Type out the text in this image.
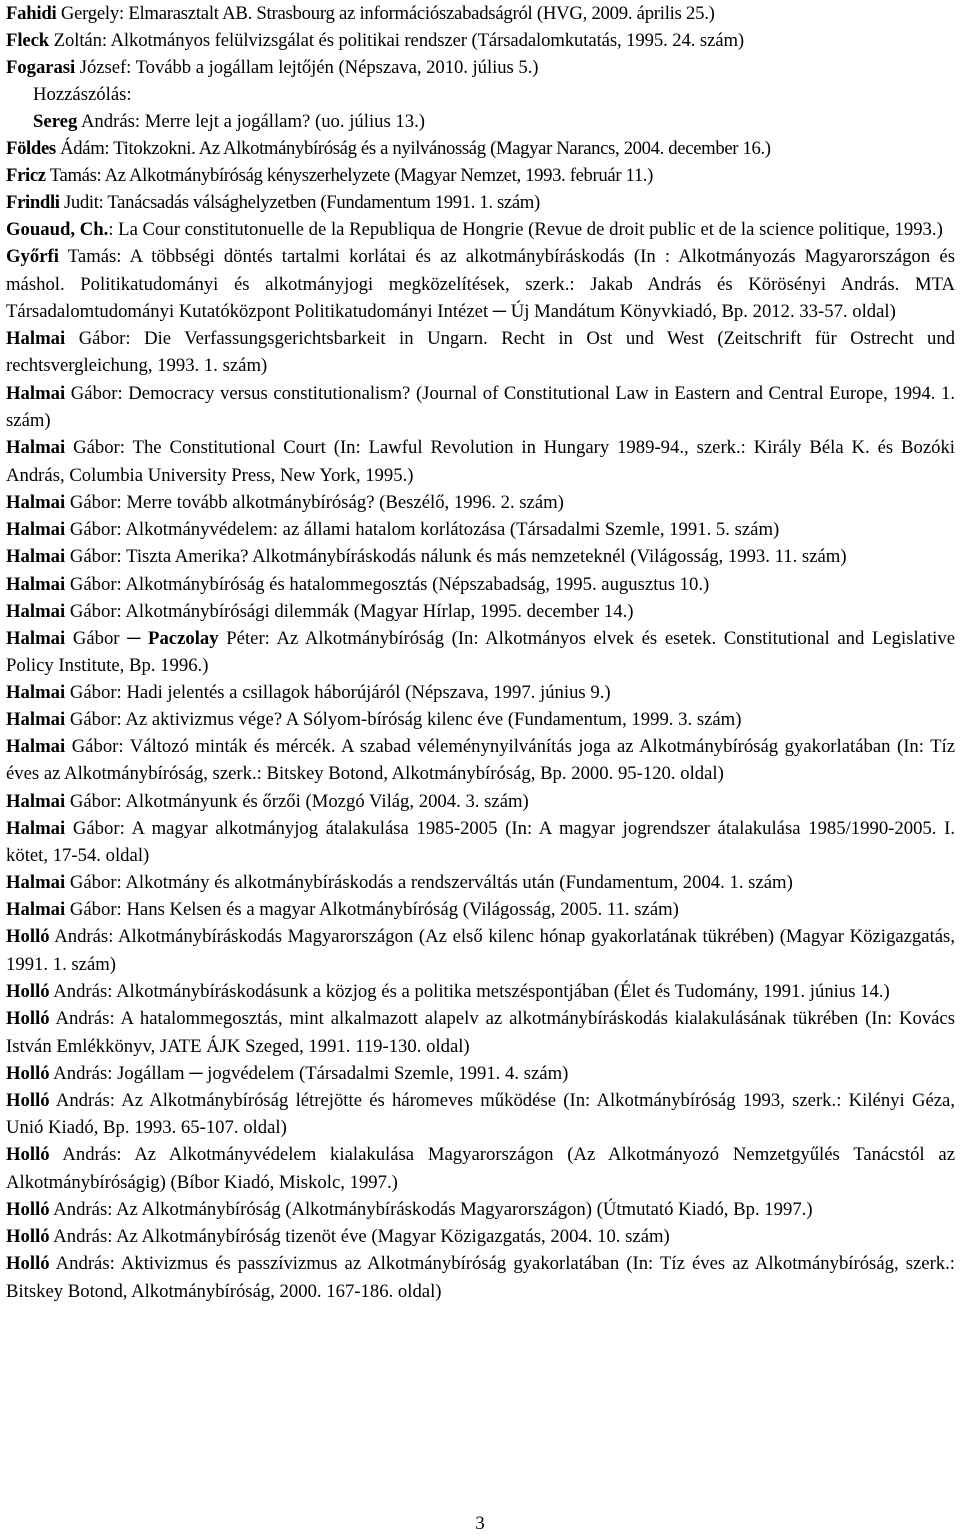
Fahidi Gergely: Elmarasztalt AB. Strasbourg az információszabadságról (HVG, 2009. április 25.)

Fleck Zoltán: Alkotmányos felülvizsgálat és politikai rendszer (Társadalomkutatás, 1995. 24. szám)

Fogarasi József: Tovább a jogállam lejtőjén (Népszava, 2010. július 5.)

Hozzászólás:

Sereg András: Merre lejt a jogállam? (uo. július 13.)

Földes Ádám: Titokzokni. Az Alkotmánybíróság és a nyilvánosság (Magyar Narancs, 2004. december 16.)

Fricz Tamás: Az Alkotmánybíróság kényszerhelyzete (Magyar Nemzet, 1993. február 11.)

Frindli Judit: Tanácsadás válsághelyzetben (Fundamentum 1991. 1. szám)

Gouaud, Ch.: La Cour constitutonuelle de la Republiqua de Hongrie (Revue de droit public et de la science politique, 1993.)

Győrfi Tamás: A többségi döntés tartalmi korlátai és az alkotmánybíráskodás (In : Alkotmányozás Magyarországon és máshol. Politikatudományi és alkotmányjogi megközelítések, szerk.: Jakab András és Körösényi András. MTA Társadalomtudományi Kutatóközpont Politikatudományi Intézet ─ Új Mandátum Könyvkiadó, Bp. 2012. 33-57. oldal)

Halmai Gábor: Die Verfassungsgerichtsbarkeit in Ungarn. Recht in Ost und West (Zeitschrift für Ostrecht und rechtsvergleichung, 1993. 1. szám)

Halmai Gábor: Democracy versus constitutionalism? (Journal of Constitutional Law in Eastern and Central Europe, 1994. 1. szám)

Halmai Gábor: The Constitutional Court (In: Lawful Revolution in Hungary 1989-94., szerk.: Király Béla K. és Bozóki András, Columbia University Press, New York, 1995.)

Halmai Gábor: Merre tovább alkotmánybíróság? (Beszélő, 1996. 2. szám)

Halmai Gábor: Alkotmányvédelem: az állami hatalom korlátozása (Társadalmi Szemle, 1991. 5. szám)

Halmai Gábor: Tiszta Amerika? Alkotmánybíráskodás nálunk és más nemzeteknél (Világosság, 1993. 11. szám)

Halmai Gábor: Alkotmánybíróság és hatalommegosztás (Népszabadság, 1995. augusztus 10.)

Halmai Gábor: Alkotmánybírósági dilemmák (Magyar Hírlap, 1995. december 14.)

Halmai Gábor ─ Paczolay Péter: Az Alkotmánybíróság (In: Alkotmányos elvek és esetek. Constitutional and Legislative Policy Institute, Bp. 1996.)

Halmai Gábor: Hadi jelentés a csillagok háborújáról (Népszava, 1997. június 9.)

Halmai Gábor: Az aktivizmus vége? A Sólyom-bíróság kilenc éve (Fundamentum, 1999. 3. szám)

Halmai Gábor: Változó minták és mércék. A szabad véleménynyilvánítás joga az Alkotmánybíróság gyakorlatában (In: Tíz éves az Alkotmánybíróság, szerk.: Bitskey Botond, Alkotmánybíróság, Bp. 2000. 95-120. oldal)

Halmai Gábor: Alkotmányunk és őrzői (Mozgó Világ, 2004. 3. szám)

Halmai Gábor: A magyar alkotmányjog átalakulása 1985-2005 (In: A magyar jogrendszer átalakulása 1985/1990-2005. I. kötet, 17-54. oldal)

Halmai Gábor: Alkotmány és alkotmánybíráskodás a rendszerváltás után (Fundamentum, 2004. 1. szám)

Halmai Gábor: Hans Kelsen és a magyar Alkotmánybíróság (Világosság, 2005. 11. szám)

Holló András: Alkotmánybíráskodás Magyarországon (Az első kilenc hónap gyakorlatának tükrében) (Magyar Közigazgatás, 1991. 1. szám)

Holló András: Alkotmánybíráskodásunk a közjog és a politika metszéspontjában (Élet és Tudomány, 1991. június 14.)

Holló András: A hatalommegosztás, mint alkalmazott alapelv az alkotmánybíráskodás kialakulásának tükrében (In: Kovács István Emlékkönyv, JATE ÁJK Szeged, 1991. 119-130. oldal)

Holló András: Jogállam ─ jogvédelem (Társadalmi Szemle, 1991. 4. szám)

Holló András: Az Alkotmánybíróság létrejötte és háromeves működése (In: Alkotmánybíróság 1993, szerk.: Kilényi Géza, Unió Kiadó, Bp. 1993. 65-107. oldal)

Holló András: Az Alkotmányvédelem kialakulása Magyarországon (Az Alkotmányozó Nemzetgyűlés Tanácstól az Alkotmánybíróságig) (Bíbor Kiadó, Miskolc, 1997.)

Holló András: Az Alkotmánybíróság (Alkotmánybíráskodás Magyarországon) (Útmutató Kiadó, Bp. 1997.)

Holló András: Az Alkotmánybíróság tizenöt éve (Magyar Közigazgatás, 2004. 10. szám)

Holló András: Aktivizmus és passzívizmus az Alkotmánybíróság gyakorlatában (In: Tíz éves az Alkotmánybíróság, szerk.: Bitskey Botond, Alkotmánybíróság, 2000. 167-186. oldal)

3
